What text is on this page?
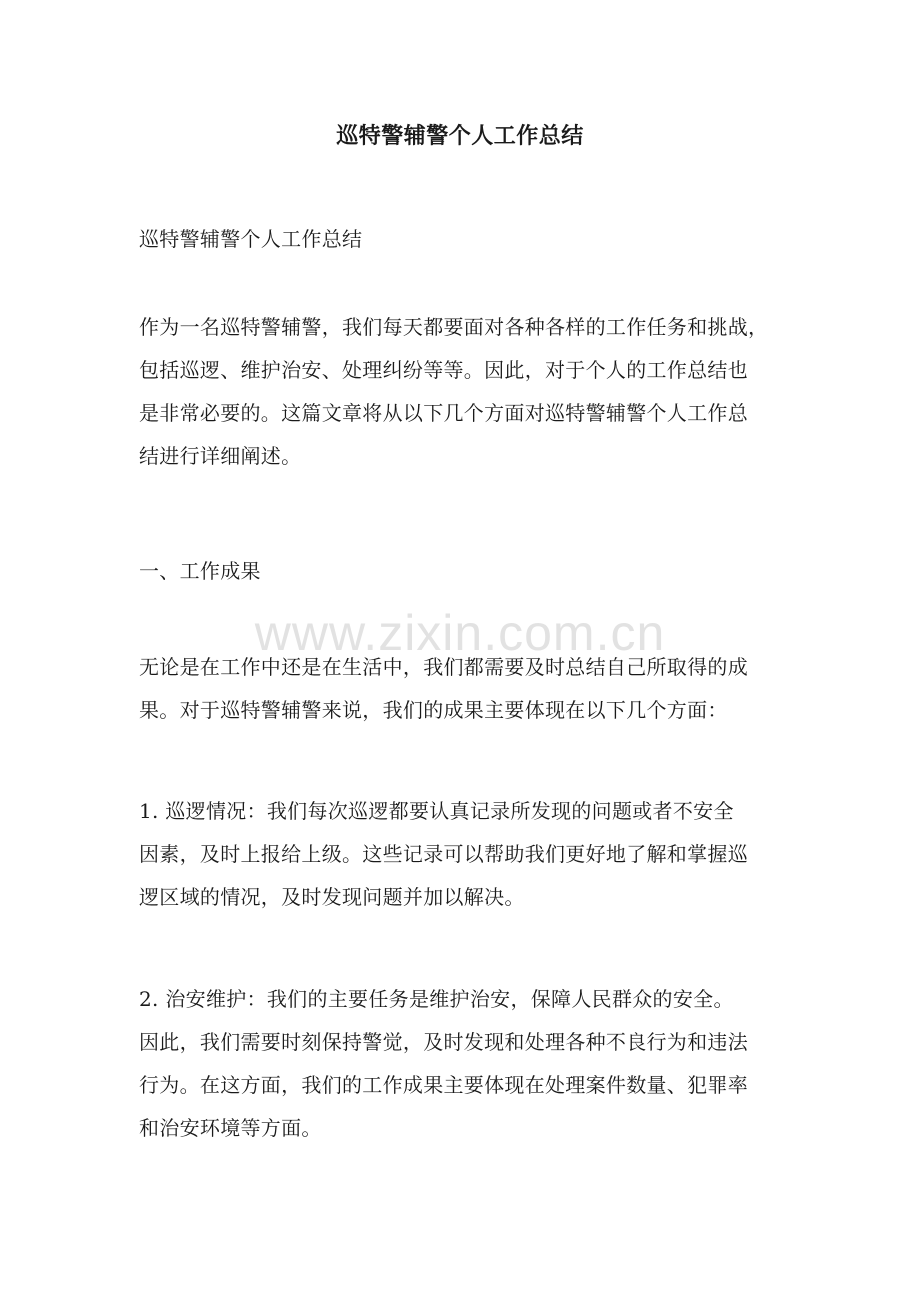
巡特警辅警个人工作总结

巡特警辅警个人工作总结

作为一名巡特警辅警，我们每天都要面对各种各样的工作任务和挑战，
包括巡逻、维护治安、处理纠纷等等。因此，对于个人的工作总结也
是非常必要的。这篇文章将从以下几个方面对巡特警辅警个人工作总
结进行详细阐述。

一、工作成果

无论是在工作中还是在生活中，我们都需要及时总结自己所取得的成
果。对于巡特警辅警来说，我们的成果主要体现在以下几个方面：

1. 巡逻情况：我们每次巡逻都要认真记录所发现的问题或者不安全
因素，及时上报给上级。这些记录可以帮助我们更好地了解和掌握巡
逻区域的情况，及时发现问题并加以解决。

2. 治安维护：我们的主要任务是维护治安，保障人民群众的安全。
因此，我们需要时刻保持警觉，及时发现和处理各种不良行为和违法
行为。在这方面，我们的工作成果主要体现在处理案件数量、犯罪率
和治安环境等方面。

www.zixin.com.cn
